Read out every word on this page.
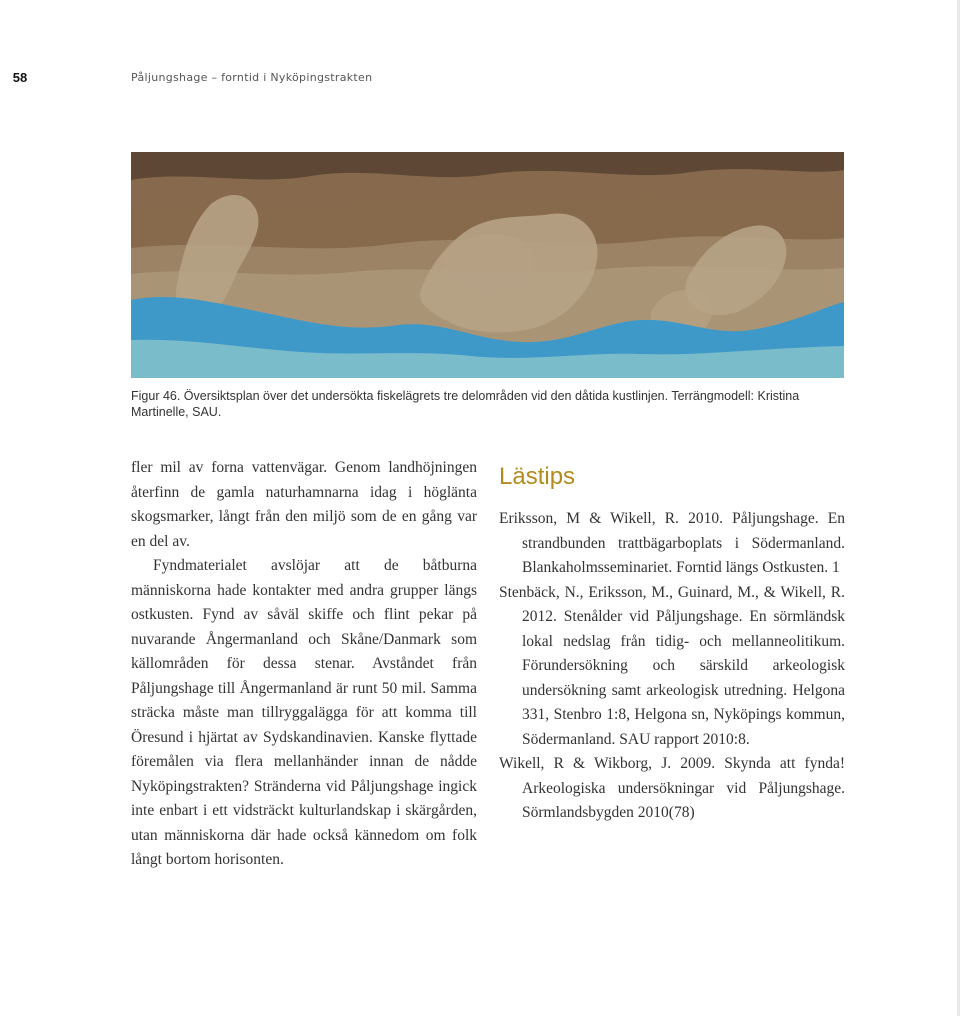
58	Påljungshage – forntid i Nyköpingstrakten

Figur 46. Översiktsplan över det undersökta fiskelägrets tre delområden vid den dåtida kustlinjen. Terrängmodell: Kristina Martinelle, SAU.

fler mil av forna vattenvägar. Genom landhöjningen återfinn de gamla naturhamnarna idag i höglänta skogsmarker, långt från den miljö som de en gång var en del av.

Fyndmaterialet avslöjar att de båtburna människorna hade kontakter med andra grupper längs ostkusten. Fynd av såväl skiffe och flint pekar på nuvarande Ångermanland och Skåne/Danmark som källområden för dessa stenar. Avståndet från Påljungshage till Ångermanland är runt 50 mil. Samma sträcka måste man tillryggalägga för att komma till Öresund i hjärtat av Sydskandinavien. Kanske flyttade föremålen via flera mellanhänder innan de nådde Nyköpingstrakten? Stränderna vid Påljungshage ingick inte enbart i ett vidsträckt kulturlandskap i skärgården, utan människorna där hade också kännedom om folk långt bortom horisonten.

Lästips
Eriksson, M & Wikell, R. 2010. Påljungshage. En strandbunden trattbägarboplats i Södermanland. Blankaholmsseminariet. Forntid längs Ostkusten. 1
Stenbäck, N., Eriksson, M., Guinard, M., & Wikell, R. 2012. Stenålder vid Påljungshage. En sörmländsk lokal nedslag från tidig- och mellanneolitikum. Förundersökning och särskild arkeologisk undersökning samt arkeologisk utredning. Helgona 331, Stenbro 1:8, Helgona sn, Nyköpings kommun, Södermanland. SAU rapport 2010:8.
Wikell, R & Wikborg, J. 2009. Skynda att fynda! Arkeologiska undersökningar vid Påljungshage. Sörmlandsbygden 2010(78)
